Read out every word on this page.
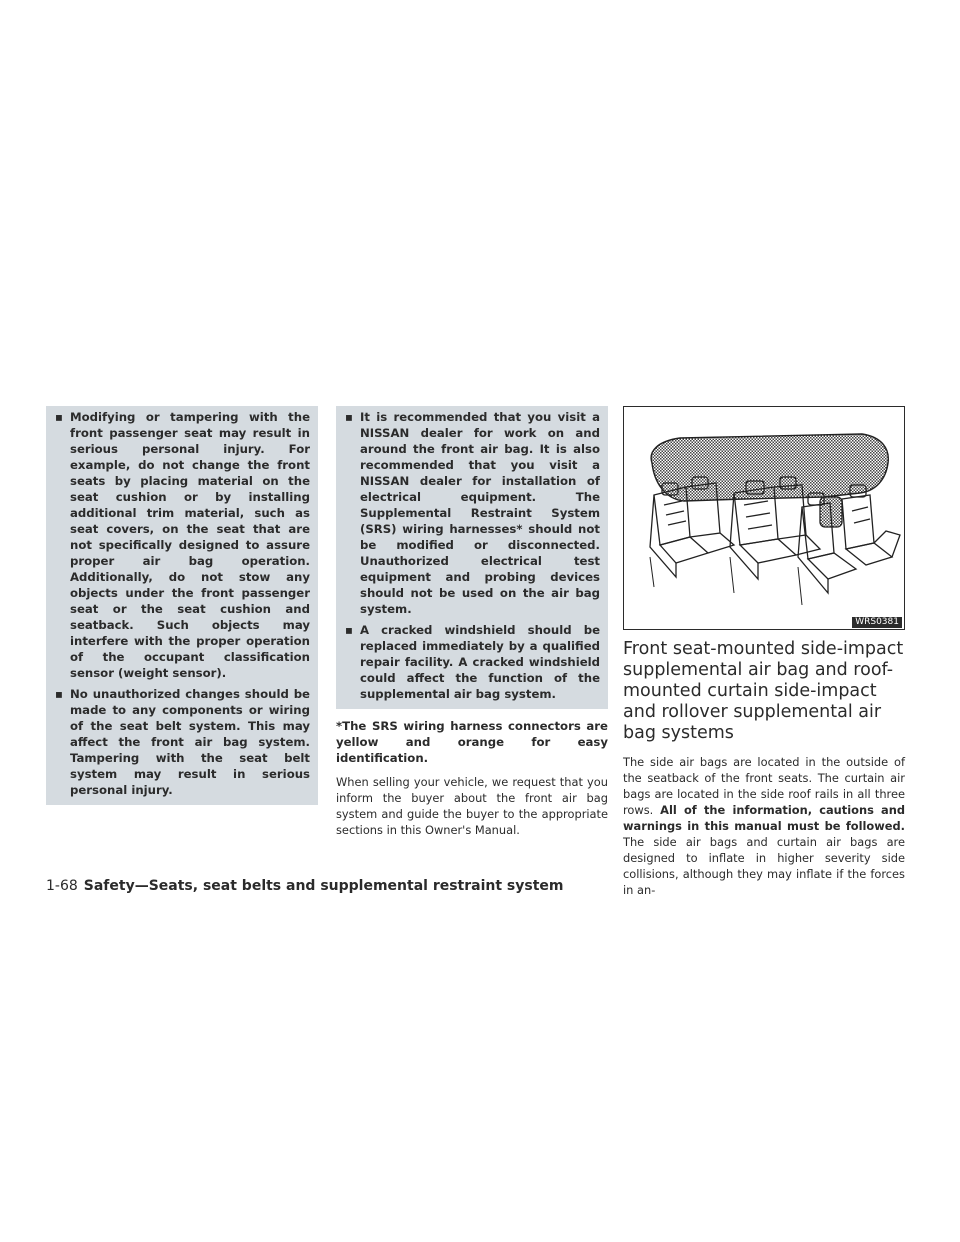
▪ Modifying or tampering with the front passenger seat may result in serious personal injury. For example, do not change the front seats by placing material on the seat cushion or by installing additional trim material, such as seat covers, on the seat that are not specifically designed to assure proper air bag operation. Additionally, do not stow any objects under the front passenger seat or the seat cushion and seatback. Such objects may interfere with the proper operation of the occupant classification sensor (weight sensor).
▪ No unauthorized changes should be made to any components or wiring of the seat belt system. This may affect the front air bag system. Tampering with the seat belt system may result in serious personal injury.
▪ It is recommended that you visit a NISSAN dealer for work on and around the front air bag. It is also recommended that you visit a NISSAN dealer for installation of electrical equipment. The Supplemental Restraint System (SRS) wiring harnesses* should not be modified or disconnected. Unauthorized electrical test equipment and probing devices should not be used on the air bag system.
▪ A cracked windshield should be replaced immediately by a qualified repair facility. A cracked windshield could affect the function of the supplemental air bag system.

*The SRS wiring harness connectors are yellow and orange for easy identification.

When selling your vehicle, we request that you inform the buyer about the front air bag system and guide the buyer to the appropriate sections in this Owner's Manual.

WRS0381
Front seat-mounted side-impact supplemental air bag and roof-mounted curtain side-impact and rollover supplemental air bag systems

The side air bags are located in the outside of the seatback of the front seats. The curtain air bags are located in the side roof rails in all three rows. All of the information, cautions and warnings in this manual must be followed. The side air bags and curtain air bags are designed to inflate in higher severity side collisions, although they may inflate if the forces in an-

1-68 Safety—Seats, seat belts and supplemental restraint system
